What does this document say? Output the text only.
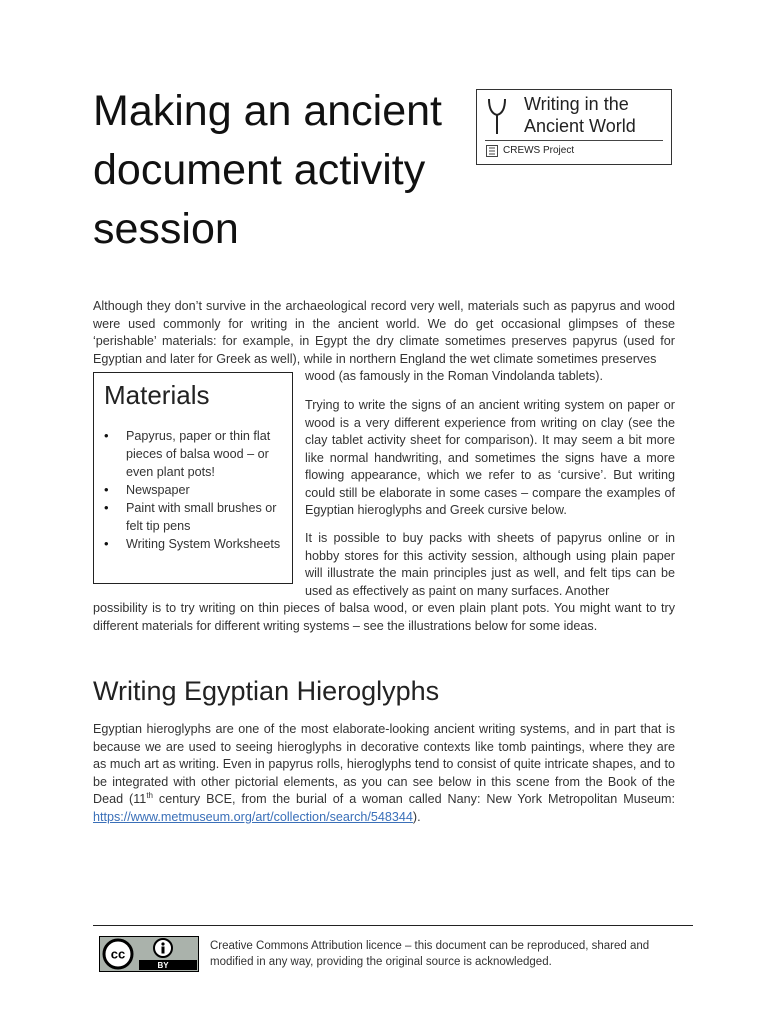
Making an ancient document activity session
Writing in the
Ancient World
CREWS Project

Although they don’t survive in the archaeological record very well, materials such as papyrus and wood were used commonly for writing in the ancient world. We do get occasional glimpses of these ‘perishable’ materials: for example, in Egypt the dry climate sometimes preserves papyrus (used for Egyptian and later for Greek as well), while in northern England the wet climate sometimes preserves

wood (as famously in the Roman Vindolanda tablets).

Materials
• Papyrus, paper or thin flat pieces of balsa wood – or even plant pots!
• Newspaper
• Paint with small brushes or felt tip pens
• Writing System Worksheets

Trying to write the signs of an ancient writing system on paper or wood is a very different experience from writing on clay (see the clay tablet activity sheet for comparison). It may seem a bit more like normal handwriting, and sometimes the signs have a more flowing appearance, which we refer to as ‘cursive’. But writing could still be elaborate in some cases – compare the examples of Egyptian hieroglyphs and Greek cursive below.

It is possible to buy packs with sheets of papyrus online or in hobby stores for this activity session, although using plain paper will illustrate the main principles just as well, and felt tips can be used as effectively as paint on many surfaces. Another

possibility is to try writing on thin pieces of balsa wood, or even plain plant pots. You might want to try different materials for different writing systems – see the illustrations below for some ideas.

Writing Egyptian Hieroglyphs

Egyptian hieroglyphs are one of the most elaborate-looking ancient writing systems, and in part that is because we are used to seeing hieroglyphs in decorative contexts like tomb paintings, where they are as much art as writing. Even in papyrus rolls, hieroglyphs tend to consist of quite intricate shapes, and to be integrated with other pictorial elements, as you can see below in this scene from the Book of the Dead (11th century BCE, from the burial of a woman called Nany: New York Metropolitan Museum: https://www.metmuseum.org/art/collection/search/548344).

cc
BY

Creative Commons Attribution licence – this document can be reproduced, shared and modified in any way, providing the original source is acknowledged.
